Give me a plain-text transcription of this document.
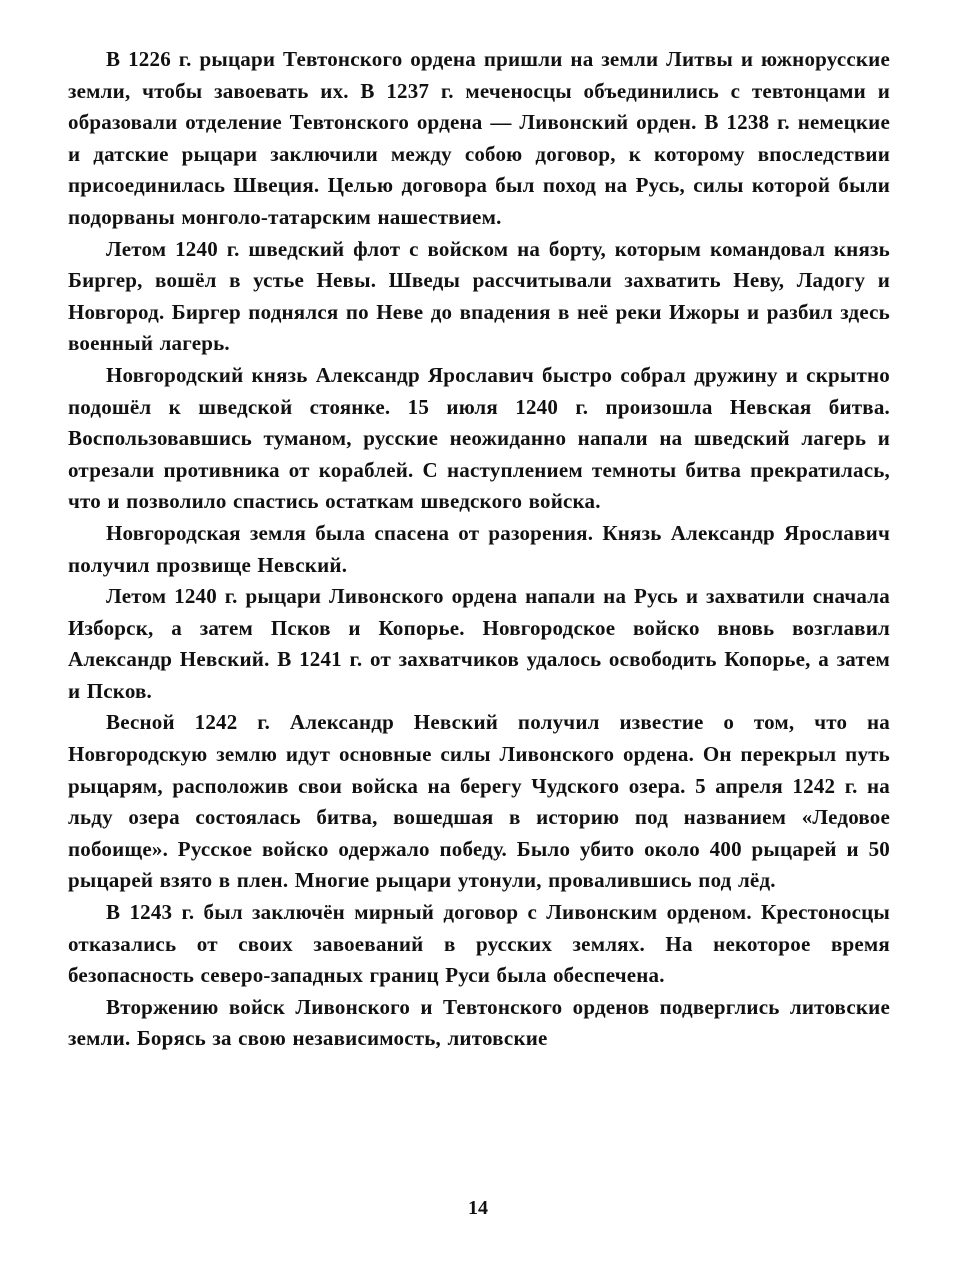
В 1226 г. рыцари Тевтонского ордена пришли на земли Литвы и южнорусские земли, чтобы завоевать их. В 1237 г. меченосцы объединились с тевтонцами и образовали отделение Тевтонского ордена — Ливонский орден. В 1238 г. немецкие и датские рыцари заключили между собою договор, к которому впоследствии присоединилась Швеция. Целью договора был поход на Русь, силы которой были подорваны монголо-татарским нашествием.

Летом 1240 г. шведский флот с войском на борту, которым командовал князь Биргер, вошёл в устье Невы. Шведы рассчитывали захватить Неву, Ладогу и Новгород. Биргер поднялся по Неве до впадения в неё реки Ижоры и разбил здесь военный лагерь.

Новгородский князь Александр Ярославич быстро собрал дружину и скрытно подошёл к шведской стоянке. 15 июля 1240 г. произошла Невская битва. Воспользовавшись туманом, русские неожиданно напали на шведский лагерь и отрезали противника от кораблей. С наступлением темноты битва прекратилась, что и позволило спастись остаткам шведского войска.

Новгородская земля была спасена от разорения. Князь Александр Ярославич получил прозвище Невский.

Летом 1240 г. рыцари Ливонского ордена напали на Русь и захватили сначала Изборск, а затем Псков и Копорье. Новгородское войско вновь возглавил Александр Невский. В 1241 г. от захватчиков удалось освободить Копорье, а затем и Псков.

Весной 1242 г. Александр Невский получил известие о том, что на Новгородскую землю идут основные силы Ливонского ордена. Он перекрыл путь рыцарям, расположив свои войска на берегу Чудского озера. 5 апреля 1242 г. на льду озера состоялась битва, вошедшая в историю под названием «Ледовое побоище». Русское войско одержало победу. Было убито около 400 рыцарей и 50 рыцарей взято в плен. Многие рыцари утонули, провалившись под лёд.

В 1243 г. был заключён мирный договор с Ливонским орденом. Крестоносцы отказались от своих завоеваний в русских землях. На некоторое время безопасность северо-западных границ Руси была обеспечена.

Вторжению войск Ливонского и Тевтонского орденов подверглись литовские земли. Борясь за свою независимость, литовские

14
